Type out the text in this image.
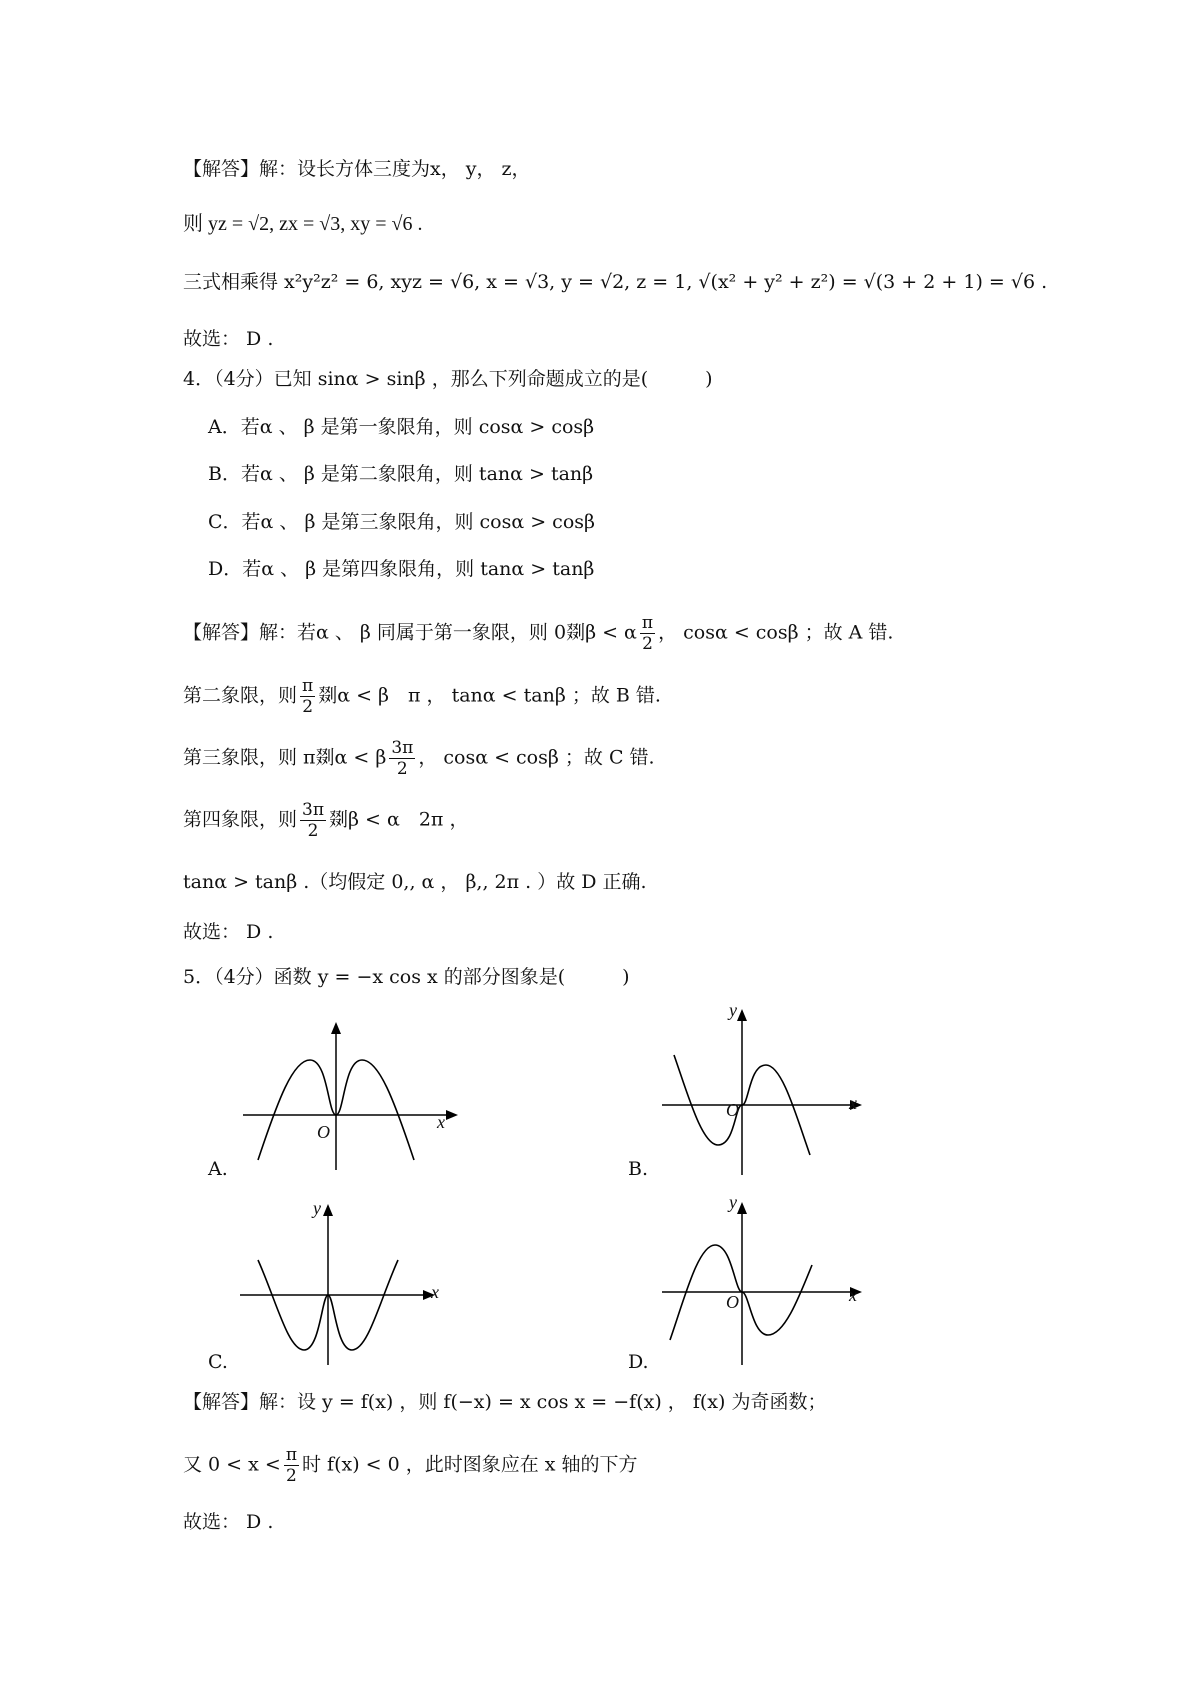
【解答】解：设长方体三度为x， y， z，
则 yz = √2, zx = √3, xy = √6 .
三式相乘得 x²y²z² = 6, xyz = √6, x = √3, y = √2, z = 1, √(x² + y² + z²) = √(3 + 2 + 1) = √6 .
故选： D .
4．（4分）已知 sinα > sinβ ，那么下列命题成立的是(　　　)
A．若α 、 β 是第一象限角，则 cosα > cosβ
B．若α 、 β 是第二象限角，则 tanα > tanβ
C．若α 、 β 是第三象限角，则 cosα > cosβ
D．若α 、 β 是第四象限角，则 tanα > tanβ
【解答】解：若α 、 β 同属于第一象限，则 0剟β < α $\frac{\pi}{2}$ ， cosα < cosβ ；故 A 错.
第二象限，则 $\frac{\pi}{2}$ 剟α < β　π ， tanα < tanβ ；故 B 错.
第三象限，则 π剟α < β $\frac{3\pi}{2}$ ， cosα < cosβ ；故 C 错.
第四象限，则 $\frac{3\pi}{2}$ 剟β < α　2π ，
tanα > tanβ .（均假定 0,, α ， β,, 2π . ）故 D 正确.
故选： D .
5．（4分）函数 y = −x cos x 的部分图象是(　　　)
x
O
A.
y
x
O
B.
y
x
C.
y
x
O
D.
【解答】解：设 y = f(x) ，则 f(−x) = x cos x = −f(x) ， f(x) 为奇函数；
又 $0 < x < \frac{\pi}{2}$ 时 f(x) < 0 ，此时图象应在 x 轴的下方
故选： D .
